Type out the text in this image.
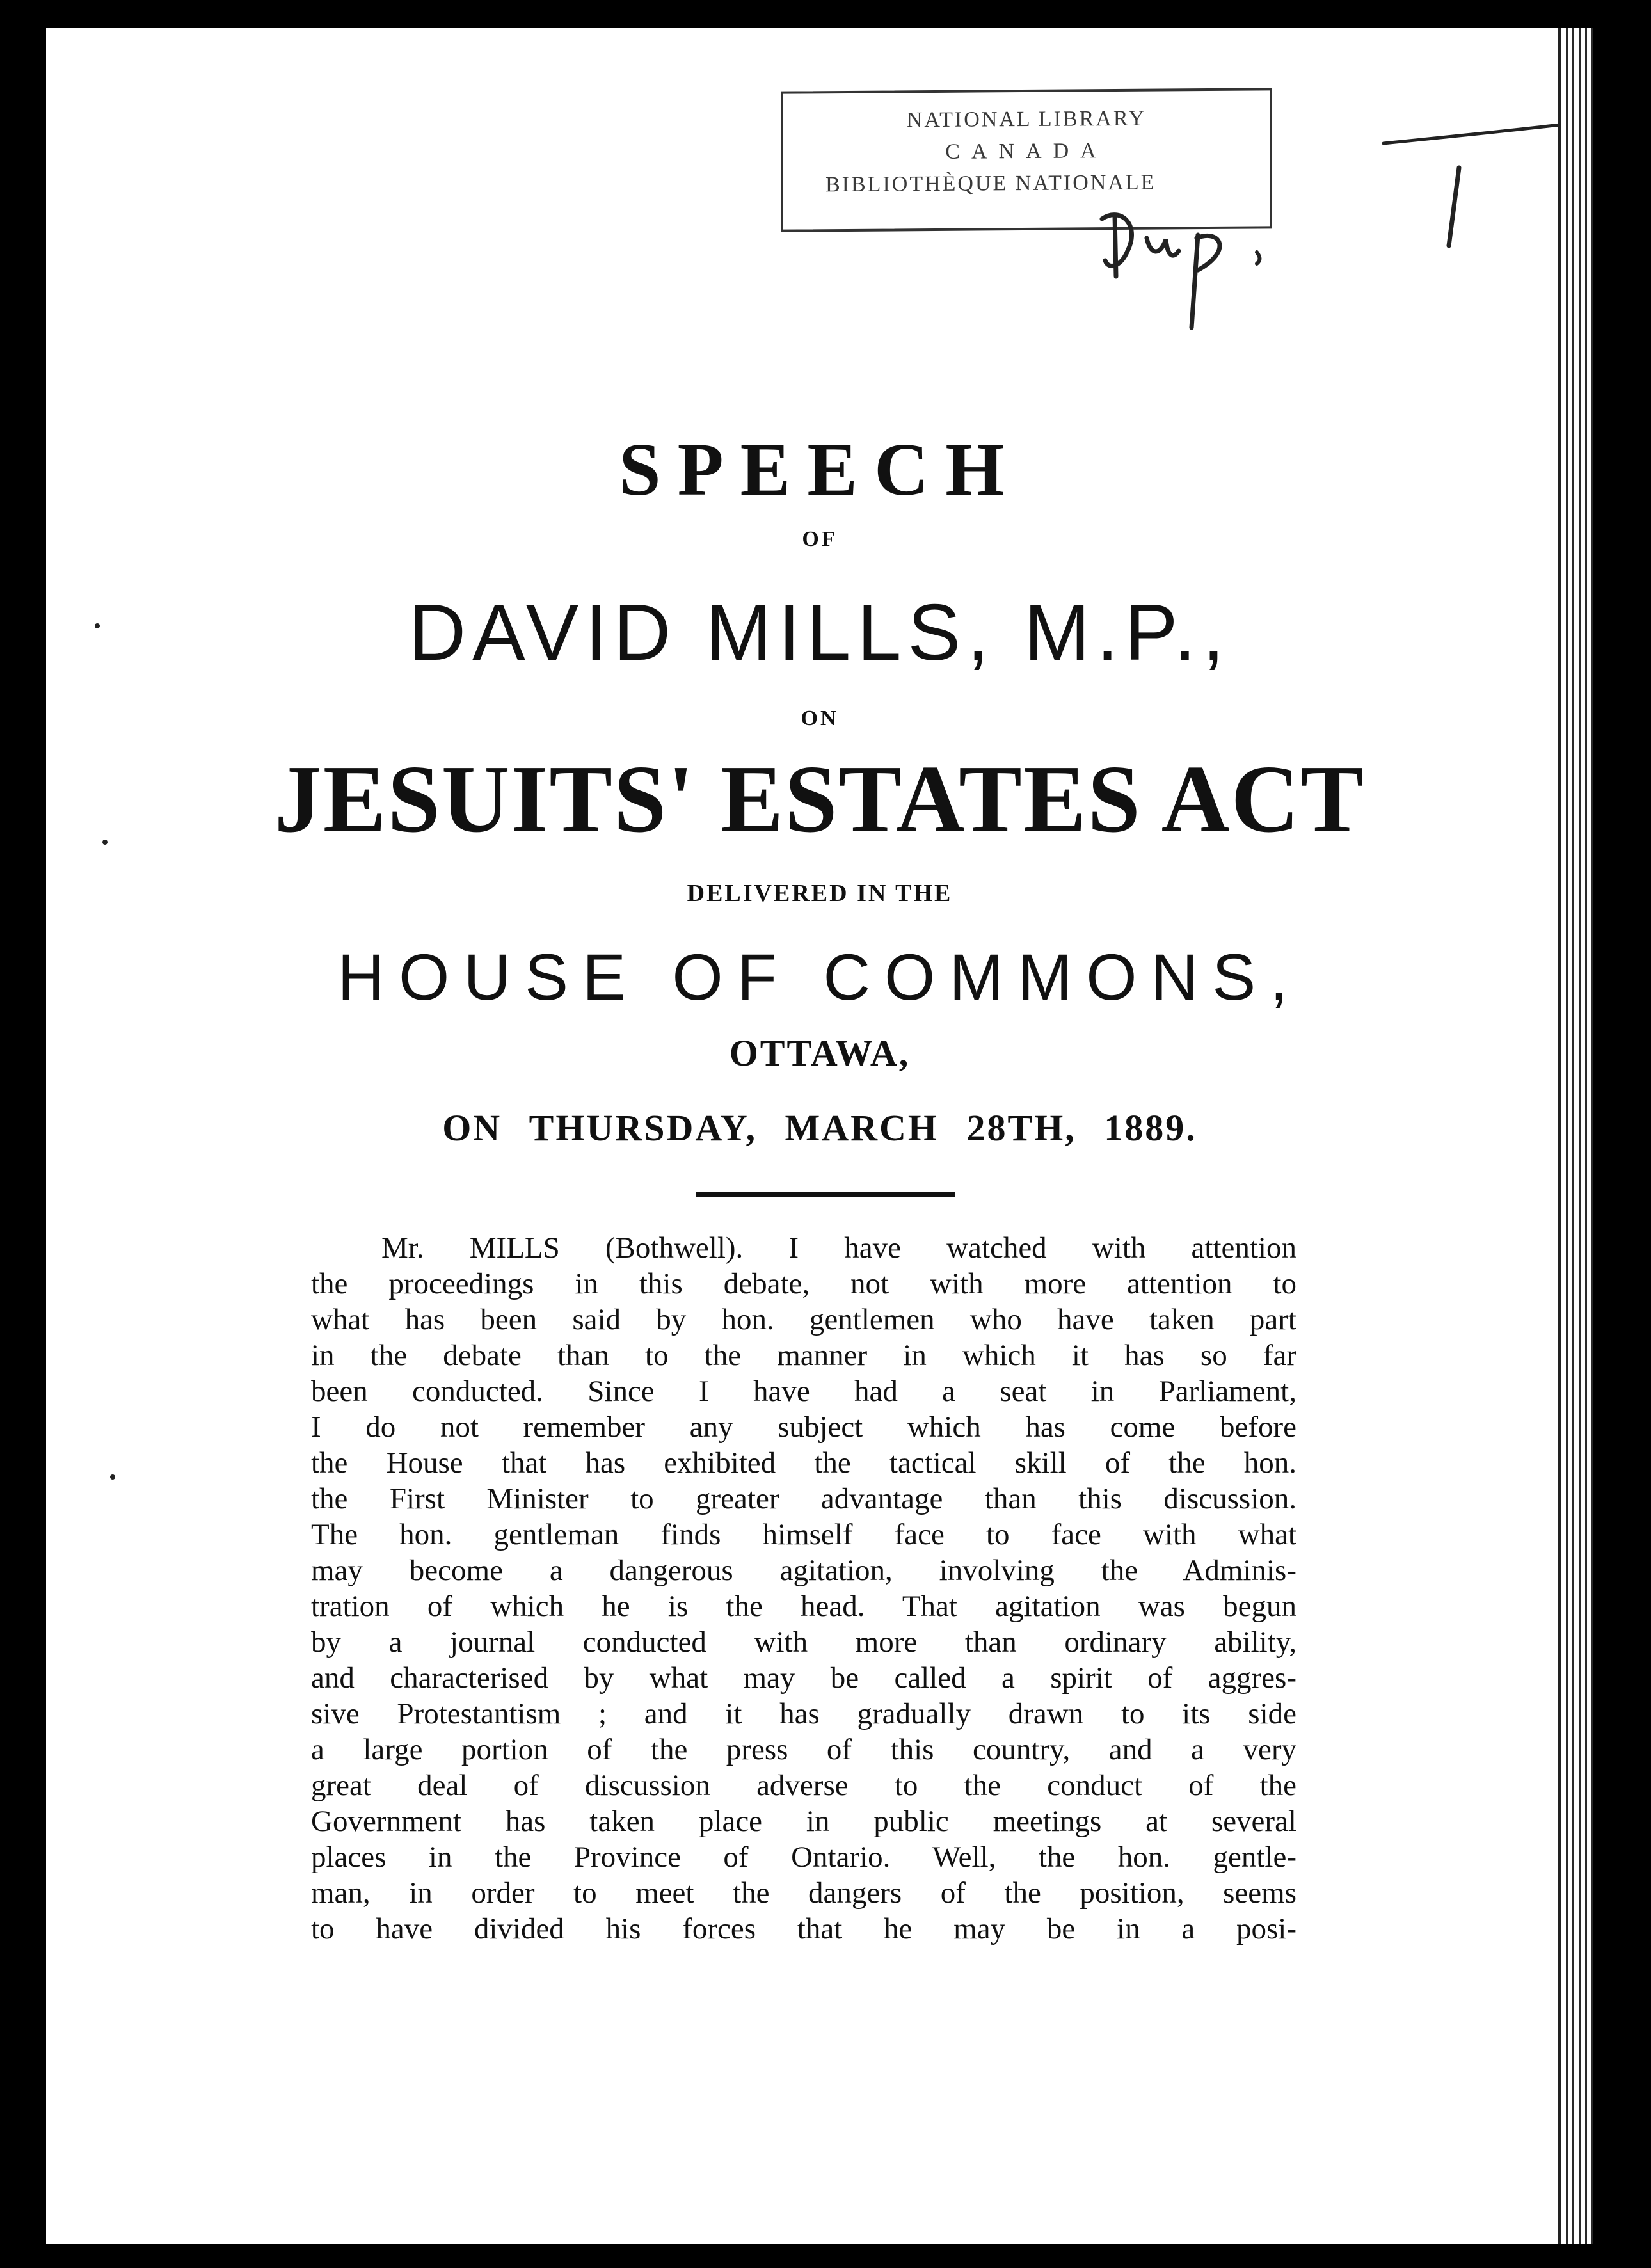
NATIONAL LIBRARY
CANADA
BIBLIOTHÈQUE NATIONALE
SPEECH
OF
DAVID MILLS, M.P.,
ON
JESUITS' ESTATES ACT
DELIVERED IN THE
HOUSE OF COMMONS,
OTTAWA,
ON THURSDAY, MARCH 28TH, 1889.
Mr. MILLS (Bothwell). I have watched with attention
the proceedings in this debate, not with more attention to
what has been said by hon. gentlemen who have taken part
in the debate than to the manner in which it has so far
been conducted. Since I have had a seat in Parliament,
I do not remember any subject which has come before
the House that has exhibited the tactical skill of the hon.
the First Minister to greater advantage than this discussion.
The hon. gentleman finds himself face to face with what
may become a dangerous agitation, involving the Adminis-
tration of which he is the head. That agitation was begun
by a journal conducted with more than ordinary ability,
and characterised by what may be called a spirit of aggres-
sive Protestantism ; and it has gradually drawn to its side
a large portion of the press of this country, and a very
great deal of discussion adverse to the conduct of the
Government has taken place in public meetings at several
places in the Province of Ontario. Well, the hon. gentle-
man, in order to meet the dangers of the position, seems
to have divided his forces that he may be in a posi-
